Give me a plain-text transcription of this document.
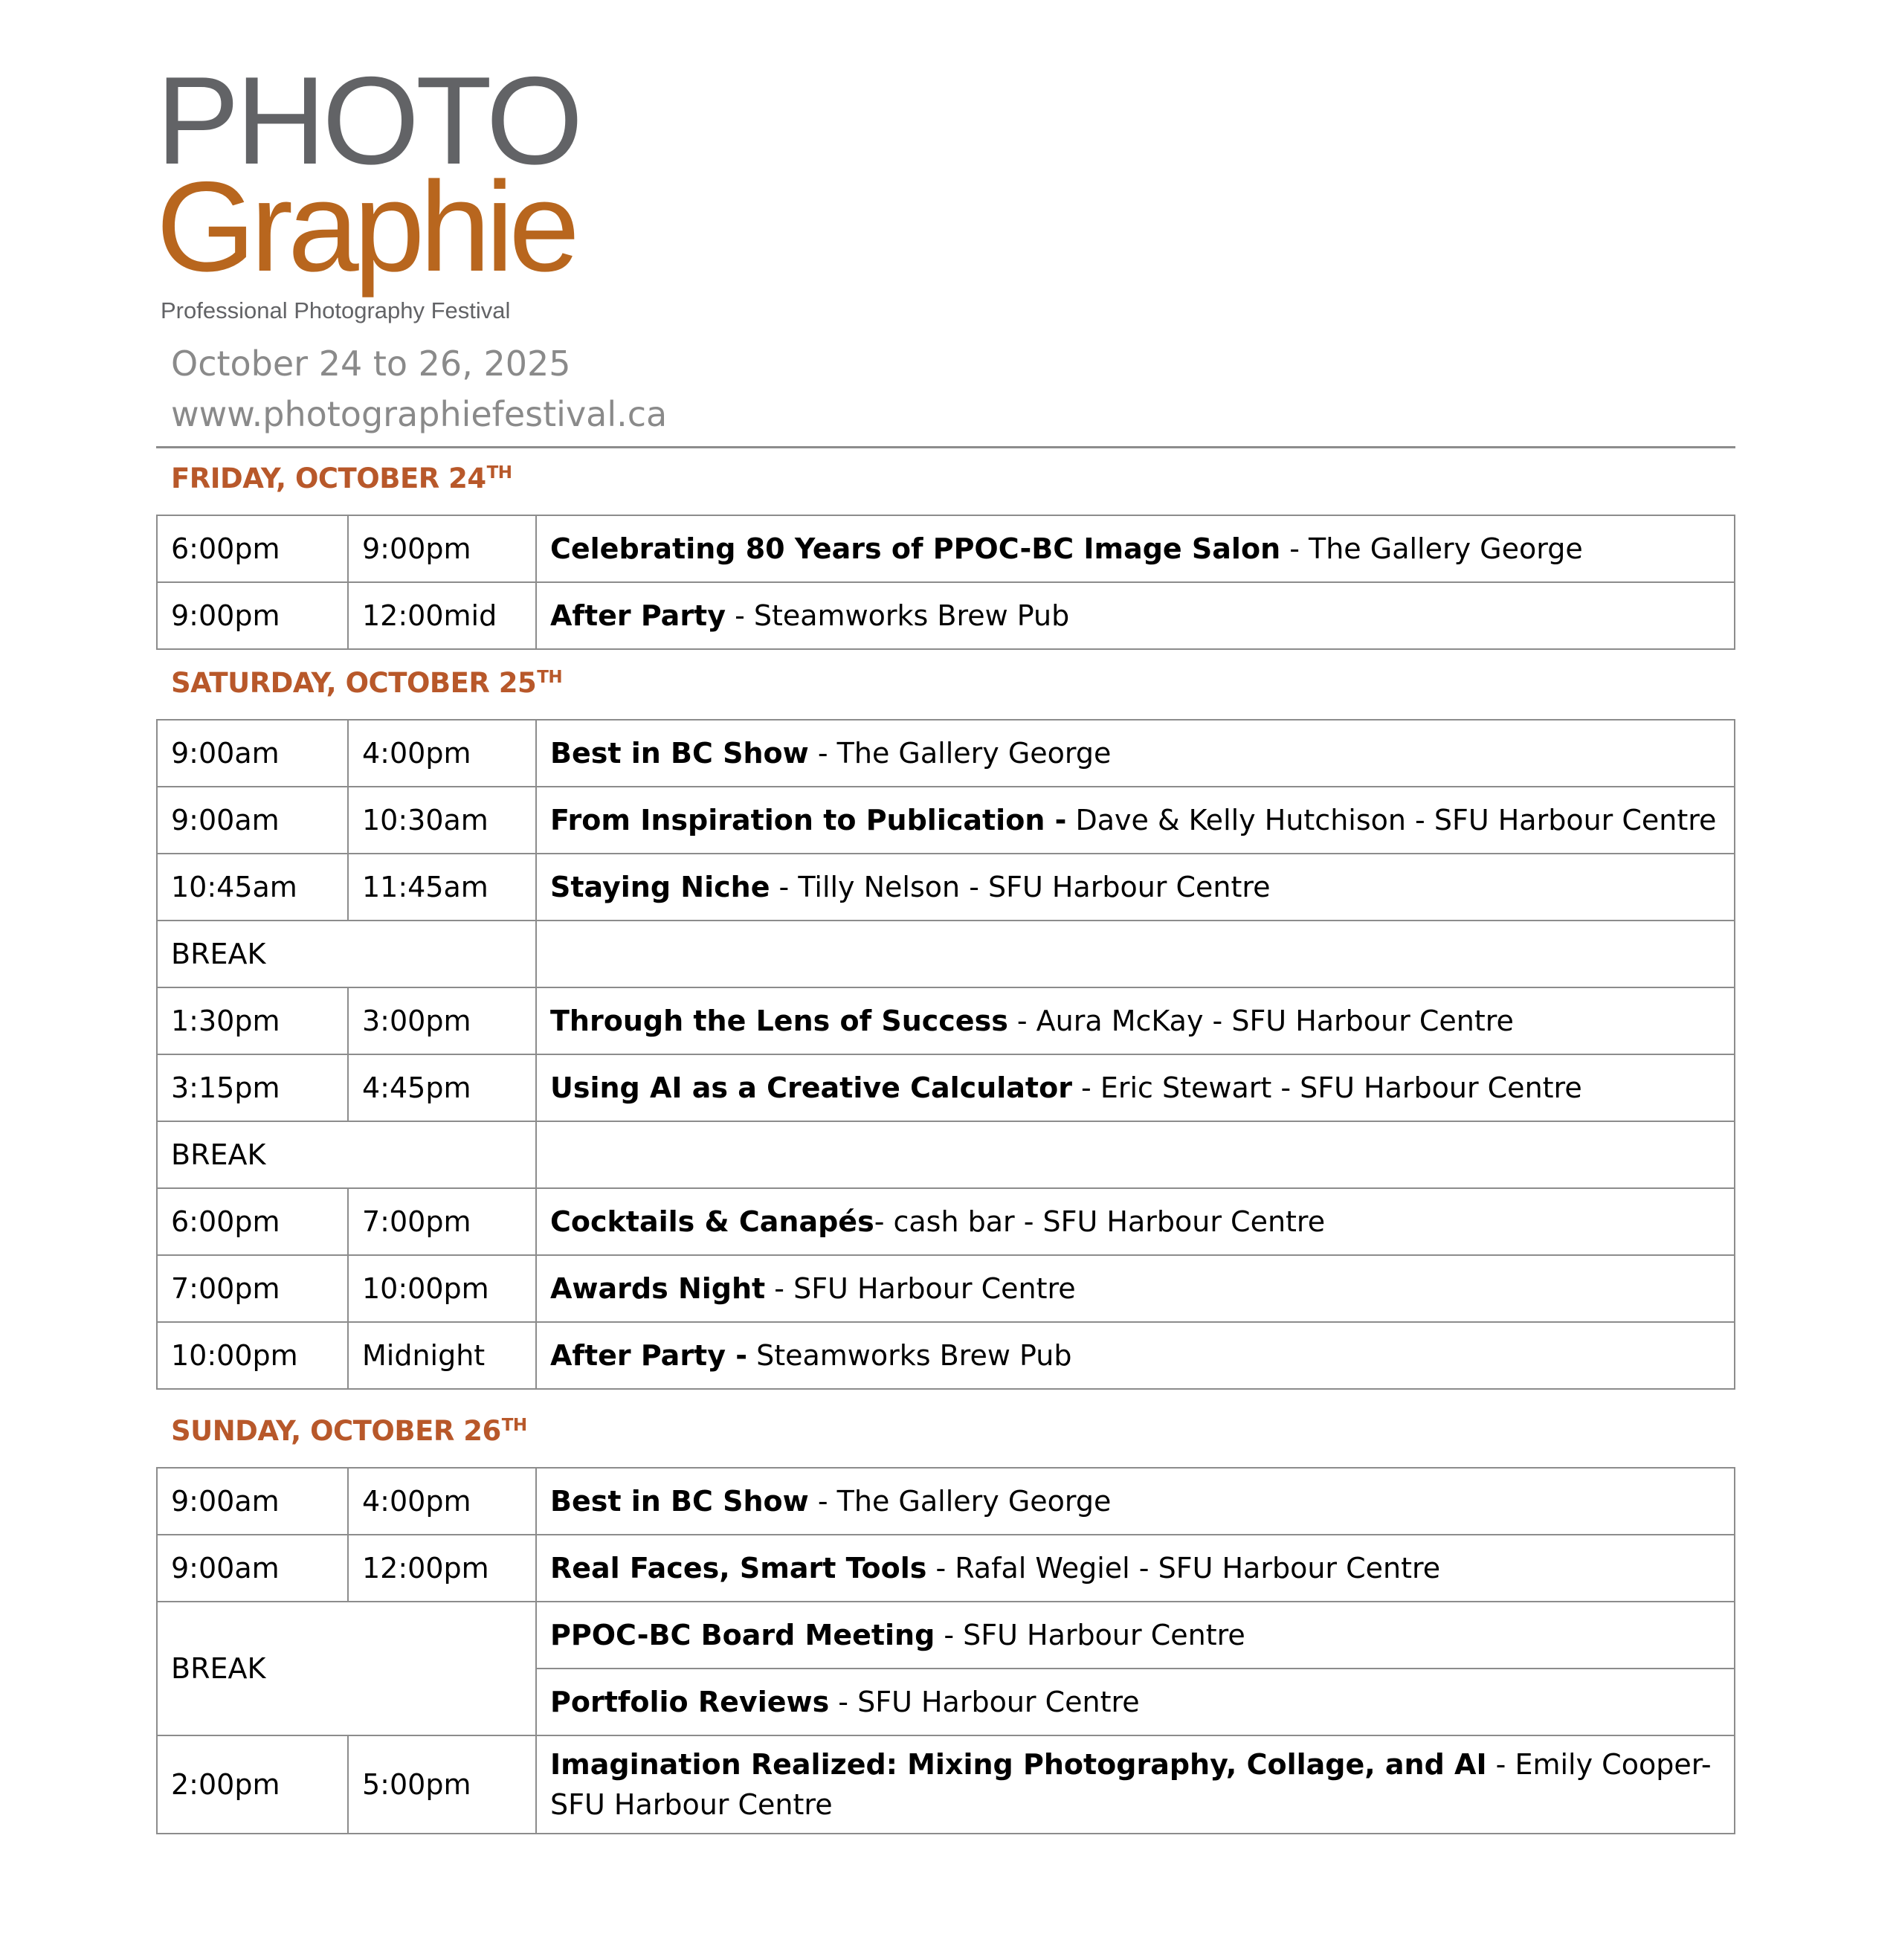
PHOTO
Graphie
Professional Photography Festival
October 24 to 26, 2025
www.photographiefestival.ca
FRIDAY, OCTOBER 24TH
6:00pm	9:00pm	Celebrating 80 Years of PPOC-BC Image Salon - The Gallery George
9:00pm	12:00mid	After Party - Steamworks Brew Pub
SATURDAY, OCTOBER 25TH
9:00am	4:00pm	Best in BC Show - The Gallery George
9:00am	10:30am	From Inspiration to Publication - Dave & Kelly Hutchison - SFU Harbour Centre
10:45am	11:45am	Staying Niche - Tilly Nelson - SFU Harbour Centre
BREAK		
1:30pm	3:00pm	Through the Lens of Success - Aura McKay - SFU Harbour Centre
3:15pm	4:45pm	Using AI as a Creative Calculator - Eric Stewart - SFU Harbour Centre
BREAK		
6:00pm	7:00pm	Cocktails & Canapés- cash bar - SFU Harbour Centre
7:00pm	10:00pm	Awards Night - SFU Harbour Centre
10:00pm	Midnight	After Party - Steamworks Brew Pub
SUNDAY, OCTOBER 26TH
9:00am	4:00pm	Best in BC Show - The Gallery George
9:00am	12:00pm	Real Faces, Smart Tools - Rafal Wegiel - SFU Harbour Centre
BREAK		PPOC-BC Board Meeting - SFU Harbour Centre
		Portfolio Reviews - SFU Harbour Centre
2:00pm	5:00pm	Imagination Realized: Mixing Photography, Collage, and AI - Emily Cooper- SFU Harbour Centre
